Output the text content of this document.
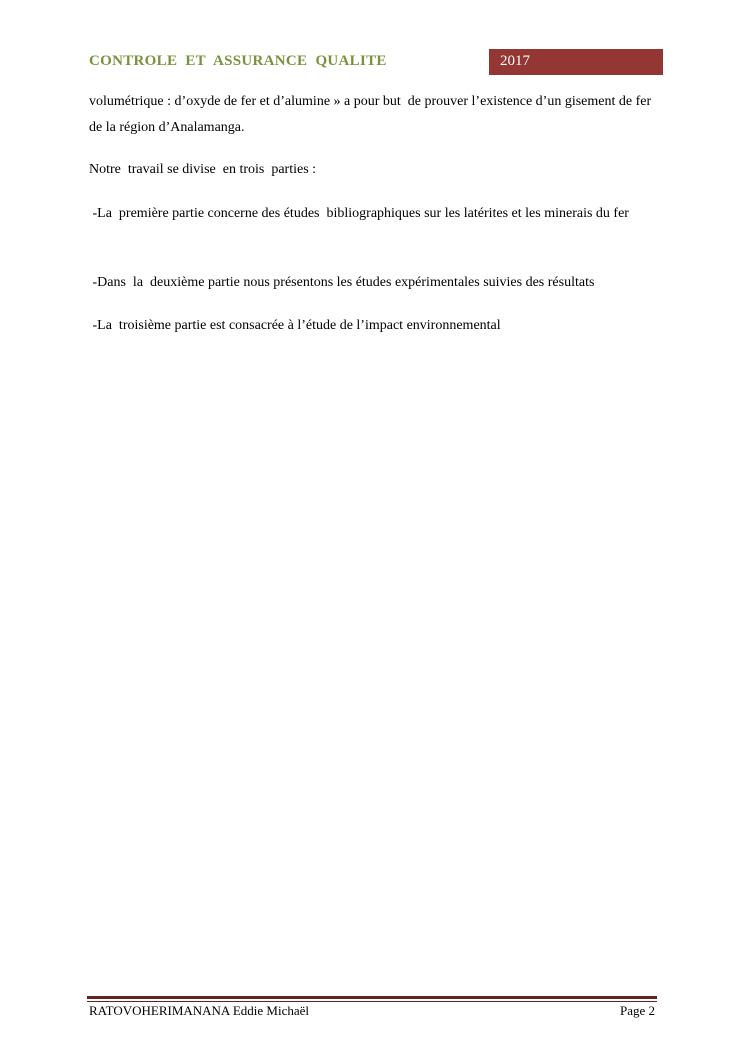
CONTROLE  ET  ASSURANCE  QUALITE	2017
volumétrique : d’oxyde de fer et d’alumine » a pour but  de prouver l’existence d’un gisement de fer  de la région d’Analamanga.
Notre  travail se divise  en trois  parties :
-La  première partie concerne des études  bibliographiques sur les latérites et les minerais du fer
-Dans  la  deuxième partie nous présentons les études expérimentales suivies des résultats
-La  troisième partie est consacrée à l’étude de l’impact environnemental
RATOVOHERIMANANA Eddie Michaël	Page 2
